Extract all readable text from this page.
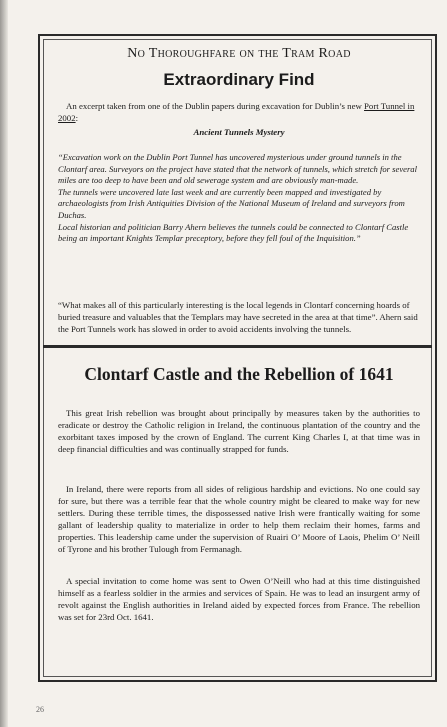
No Thoroughfare on the Tram Road
Extraordinary Find
An excerpt taken from one of the Dublin papers during excavation for Dublin’s new Port Tunnel in 2002:
Ancient Tunnels Mystery

“Excavation work on the Dublin Port Tunnel has uncovered mysterious under ground tunnels in the Clontarf area. Surveyors on the project have stated that the network of tunnels, which stretch for several miles are too deep to have been and old sewerage system and are obviously man-made.

The tunnels were uncovered late last week and are currently been mapped and investigated by archaeologists from Irish Antiquities Division of the National Museum of Ireland and surveyors from Duchas.

Local historian and politician Barry Ahern believes the tunnels could be connected to Clontarf Castle being an important Knights Templar preceptory, before they fell foul of the Inquisition.”

“What makes all of this particularly interesting is the local legends in Clontarf concerning hoards of buried treasure and valuables that the Templars may have secreted in the area at that time”. Ahern said the Port Tunnels work has slowed in order to avoid accidents involving the tunnels.
Clontarf Castle and the Rebellion of 1641

This great Irish rebellion was brought about principally by measures taken by the authorities to eradicate or destroy the Catholic religion in Ireland, the continuous plantation of the country and the exorbitant taxes imposed by the crown of England. The current King Charles I, at that time was in deep financial difficulties and was continually strapped for funds.

In Ireland, there were reports from all sides of religious hardship and evictions. No one could say for sure, but there was a terrible fear that the whole country might be cleared to make way for new settlers. During these terrible times, the dispossessed native Irish were frantically waiting for some gallant of leadership quality to materialize in order to help them reclaim their homes, farms and properties. This leadership came under the supervision of Ruairi O’ Moore of Laois, Phelim O’ Neill of Tyrone and his brother Tulough from Fermanagh.

A special invitation to come home was sent to Owen O’Neill who had at this time distinguished himself as a fearless soldier in the armies and services of Spain. He was to lead an insurgent army of revolt against the English authorities in Ireland aided by expected forces from France. The rebellion was set for 23rd Oct. 1641.

26
